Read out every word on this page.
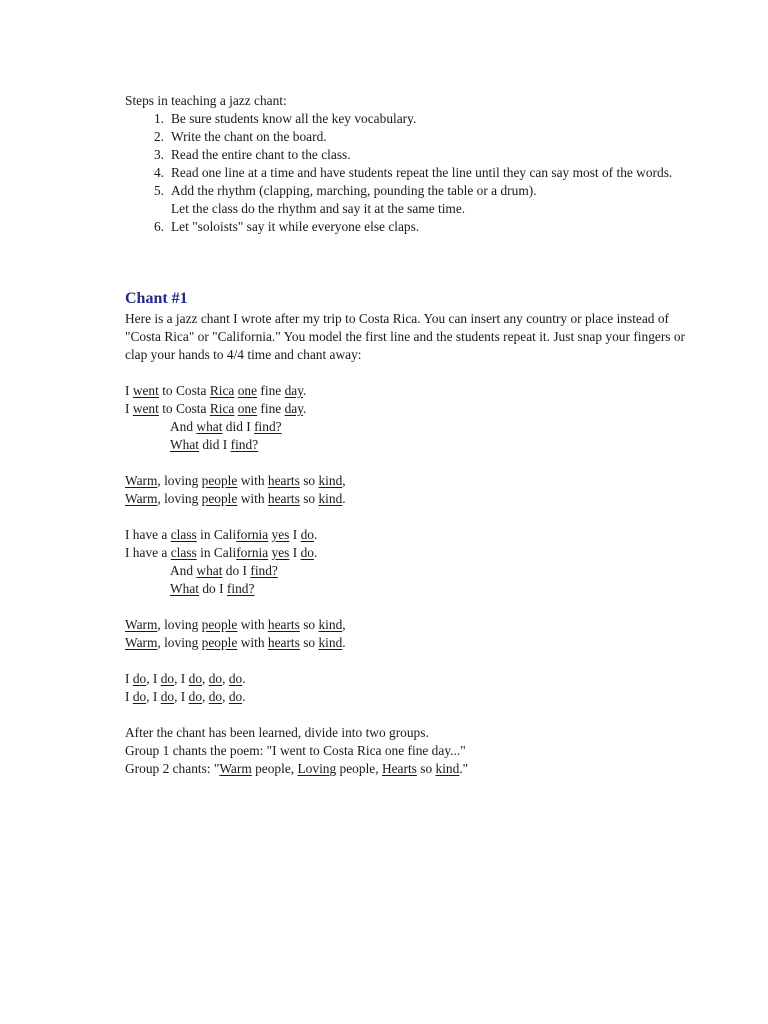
Steps in teaching a jazz chant:

1. Be sure students know all the key vocabulary.
2. Write the chant on the board.
3. Read the entire chant to the class.
4. Read one line at a time and have students repeat the line until they can say most of the words.
5. Add the rhythm (clapping, marching, pounding the table or a drum).
Let the class do the rhythm and say it at the same time.
6. Let "soloists" say it while everyone else claps.
Chant #1

Here is a jazz chant I wrote after my trip to Costa Rica. You can insert any country or place instead of "Costa Rica" or "California." You model the first line and the students repeat it. Just snap your fingers or clap your hands to 4/4 time and chant away:

I went to Costa Rica one fine day.
I went to Costa Rica one fine day.
And what did I find?
What did I find?
Warm, loving people with hearts so kind,
Warm, loving people with hearts so kind.
I have a class in California yes I do.
I have a class in California yes I do.
And what do I find?
What do I find?
Warm, loving people with hearts so kind,
Warm, loving people with hearts so kind.
I do, I do, I do, do, do.
I do, I do, I do, do, do.
After the chant has been learned, divide into two groups.
Group 1 chants the poem: "I went to Costa Rica one fine day..."
Group 2 chants: "Warm people, Loving people, Hearts so kind."
